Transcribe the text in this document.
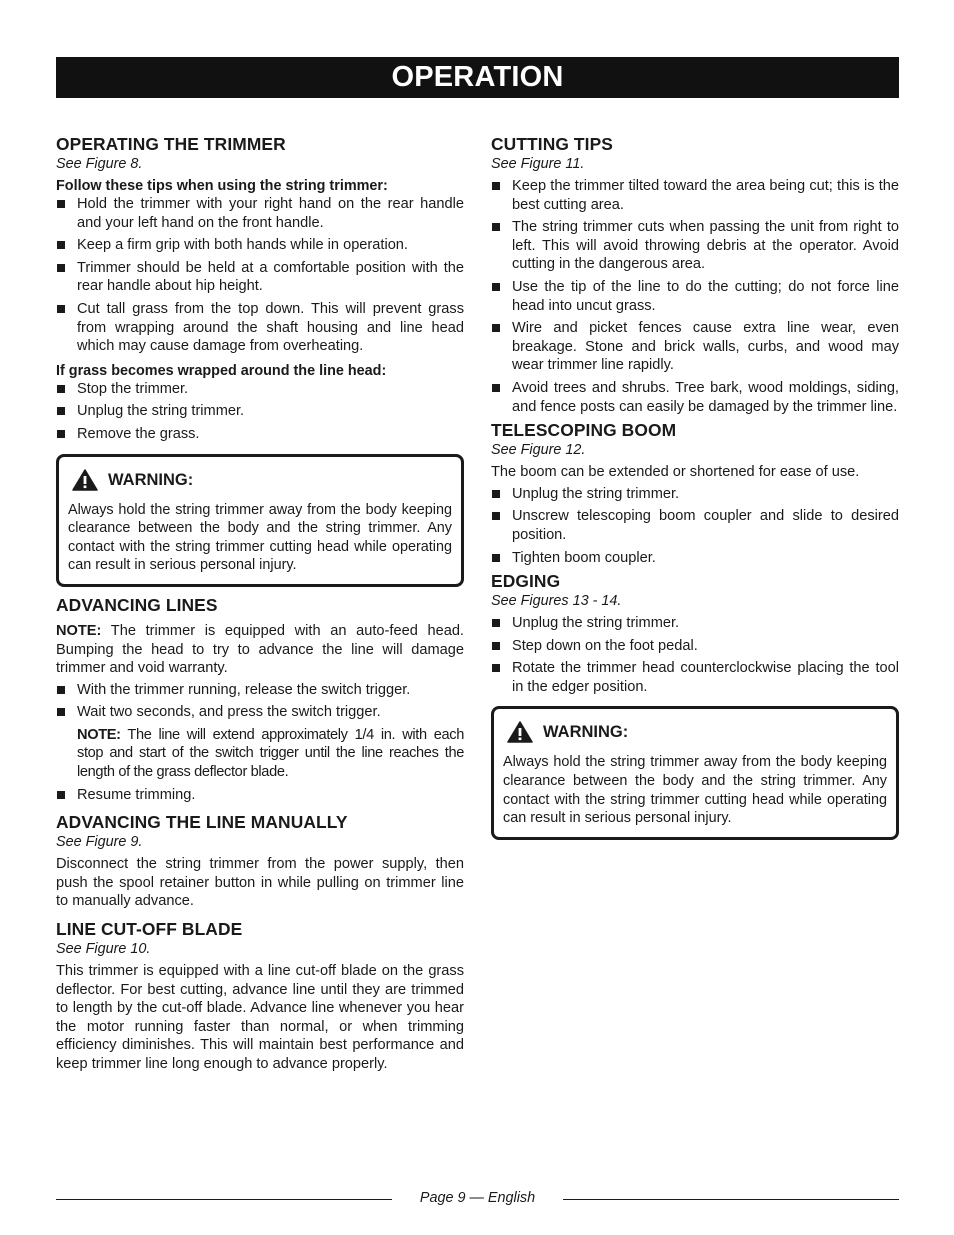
OPERATION
OPERATING THE TRIMMER
See Figure 8.
Follow these tips when using the string trimmer:
Hold the trimmer with your right hand on the rear handle and your left hand on the front handle.
Keep a firm grip with both hands while in operation.
Trimmer should be held at a comfortable position with the rear handle about hip height.
Cut tall grass from the top down. This will prevent grass from wrapping around the shaft housing and line head which may cause damage from overheating.
If grass becomes wrapped around the line head:
Stop the trimmer.
Unplug the string trimmer.
Remove the grass.
WARNING:
Always hold the string trimmer away from the body keeping clearance between the body and the string trimmer. Any contact with the string trimmer cutting head while operating can result in serious personal injury.
ADVANCING LINES

NOTE: The trimmer is equipped with an auto-feed head. Bumping the head to try to advance the line will damage trimmer and void warranty.

With the trimmer running, release the switch trigger.
Wait two seconds, and press the switch trigger.
NOTE: The line will extend approximately 1/4 in. with each stop and start of the switch trigger until the line reaches the length of the grass deflector blade.
Resume trimming.
ADVANCING THE LINE MANUALLY
See Figure 9.

Disconnect the string trimmer from the power supply, then push the spool retainer button in while pulling on trimmer line to manually advance.

LINE CUT-OFF BLADE
See Figure 10.

This trimmer is equipped with a line cut-off blade on the grass deflector. For best cutting, advance line until they are trimmed to length by the cut-off blade. Advance line whenever you hear the motor running faster than normal, or when trimming efficiency diminishes. This will maintain best performance and keep trimmer line long enough to advance properly.

CUTTING TIPS
See Figure 11.
Keep the trimmer tilted toward the area being cut; this is the best cutting area.
The string trimmer cuts when passing the unit from right to left. This will avoid throwing debris at the operator. Avoid cutting in the dangerous area.
Use the tip of the line to do the cutting; do not force line head into uncut grass.
Wire and picket fences cause extra line wear, even breakage. Stone and brick walls, curbs, and wood may wear trimmer line rapidly.
Avoid trees and shrubs. Tree bark, wood moldings, siding, and fence posts can easily be damaged by the trimmer line.
TELESCOPING BOOM
See Figure 12.

The boom can be extended or shortened for ease of use.

Unplug the string trimmer.
Unscrew telescoping boom coupler and slide to desired position.
Tighten boom coupler.
EDGING
See Figures 13 - 14.
Unplug the string trimmer.
Step down on the foot pedal.
Rotate the trimmer head counterclockwise placing the tool in the edger position.
WARNING:
Always hold the string trimmer away from the body keeping clearance between the body and the string trimmer. Any contact with the string trimmer cutting head while operating can result in serious personal injury.
Page 9 — English
